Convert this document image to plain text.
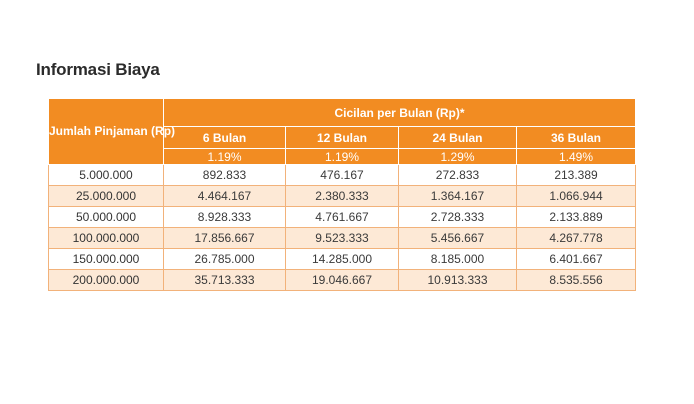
Informasi Biaya
Jumlah Pinjaman (Rp)	Cicilan per Bulan (Rp)*			
	6 Bulan	12 Bulan	24 Bulan	36 Bulan
	1.19%	1.19%	1.29%	1.49%
5.000.000	892.833	476.167	272.833	213.389
25.000.000	4.464.167	2.380.333	1.364.167	1.066.944
50.000.000	8.928.333	4.761.667	2.728.333	2.133.889
100.000.000	17.856.667	9.523.333	5.456.667	4.267.778
150.000.000	26.785.000	14.285.000	8.185.000	6.401.667
200.000.000	35.713.333	19.046.667	10.913.333	8.535.556
